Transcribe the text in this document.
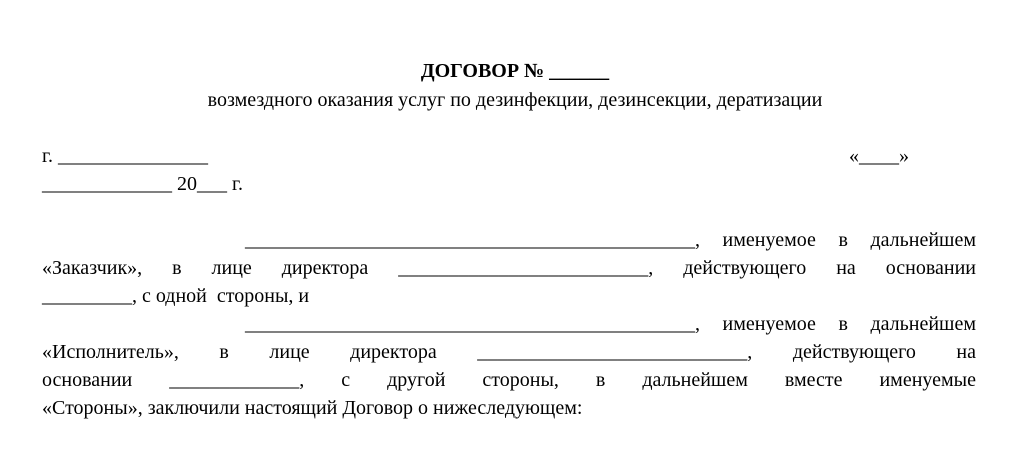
ДОГОВОР № ______
возмездного оказания услуг по дезинфекции, дезинсекции, дератизации
г. _______________	«____»
_____________ 20___ г.
_____________________________________________,  именуемое  в  дальнейшем
«Заказчик»,  в  лице  директора  _________________________,  действующего  на  основании
_________, с одной  стороны, и
_____________________________________________,  именуемое  в  дальнейшем
«Исполнитель»,  в  лице  директора  ___________________________,  действующего  на
основании  _____________,  с  другой  стороны,  в  дальнейшем  вместе  именуемые
«Стороны», заключили настоящий Договор о нижеследующем:
